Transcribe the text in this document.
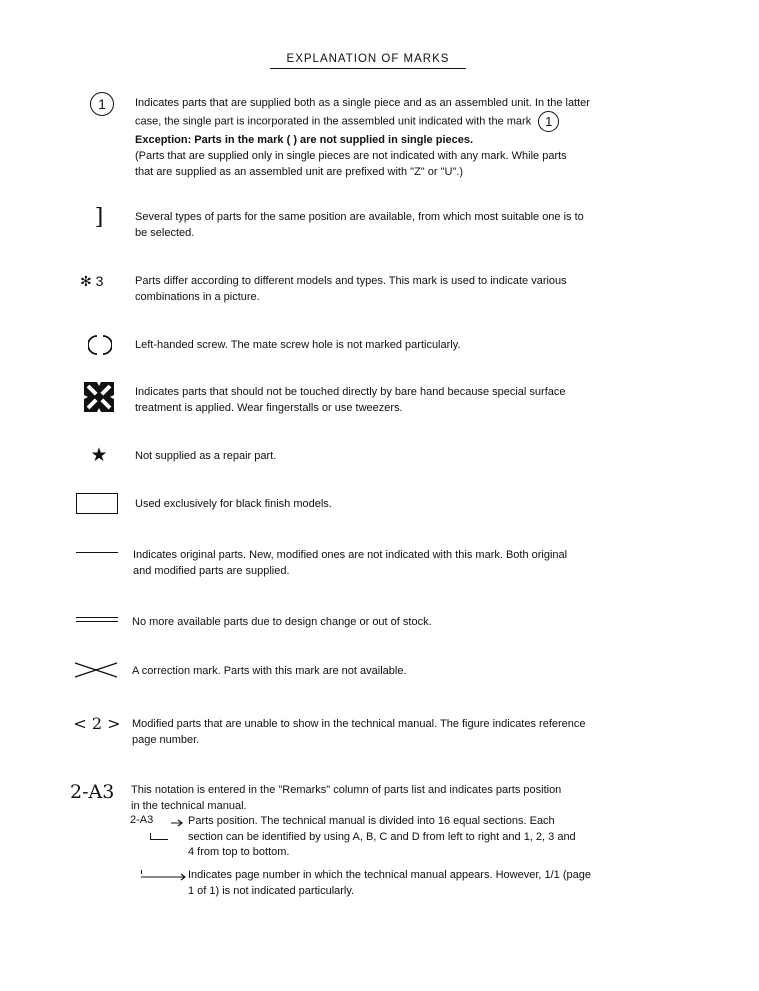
EXPLANATION OF MARKS
1	Indicates parts that are supplied both as a single piece and as an assembled unit. In the latter
case, the single part is incorporated in the assembled unit indicated with the mark 1
Exception: Parts in the mark ( ) are not supplied in single pieces.
(Parts that are supplied only in single pieces are not indicated with any mark. While parts
that are supplied as an assembled unit are prefixed with "Z" or "U".)
]	Several types of parts for the same position are available, from which most suitable one is to
be selected.
✻ 3	Parts differ according to different models and types. This mark is used to indicate various
combinations in a picture.
Left-handed screw. The mate screw hole is not marked particularly.
Indicates parts that should not be touched directly by bare hand because special surface
treatment is applied. Wear fingerstalls or use tweezers.
★ Not supplied as a repair part.
Used exclusively for black finish models.
Indicates original parts. New, modified ones are not indicated with this mark. Both original
and modified parts are supplied.
No more available parts due to design change or out of stock.
A correction mark. Parts with this mark are not available.
< 2 > Modified parts that are unable to show in the technical manual. The figure indicates reference
page number.
2-A3 This notation is entered in the "Remarks" column of parts list and indicates parts position
in the technical manual.
2-A3	Parts position. The technical manual is divided into 16 equal sections. Each
section can be identified by using A, B, C and D from left to right and 1, 2, 3 and
4 from top to bottom.
Indicates page number in which the technical manual appears. However, 1/1 (page
1 of 1) is not indicated particularly.
